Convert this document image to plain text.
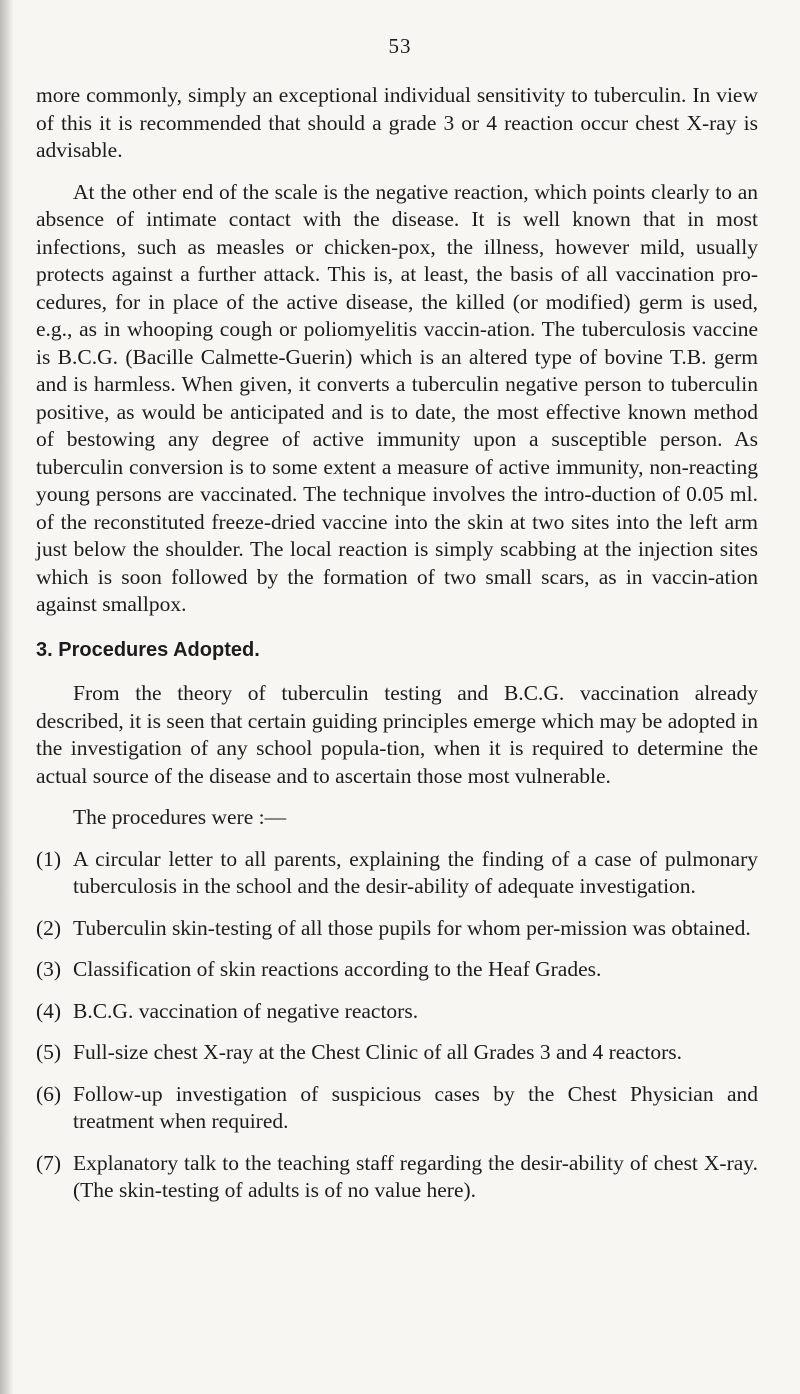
53

more commonly, simply an exceptional individual sensitivity to tuberculin. In view of this it is recommended that should a grade 3 or 4 reaction occur chest X-ray is advisable.

At the other end of the scale is the negative reaction, which points clearly to an absence of intimate contact with the disease. It is well known that in most infections, such as measles or chicken-pox, the illness, however mild, usually protects against a further attack. This is, at least, the basis of all vaccination pro-cedures, for in place of the active disease, the killed (or modified) germ is used, e.g., as in whooping cough or poliomyelitis vaccin-ation. The tuberculosis vaccine is B.C.G. (Bacille Calmette-Guerin) which is an altered type of bovine T.B. germ and is harmless. When given, it converts a tuberculin negative person to tuberculin positive, as would be anticipated and is to date, the most effective known method of bestowing any degree of active immunity upon a susceptible person. As tuberculin conversion is to some extent a measure of active immunity, non-reacting young persons are vaccinated. The technique involves the intro-duction of 0.05 ml. of the reconstituted freeze-dried vaccine into the skin at two sites into the left arm just below the shoulder. The local reaction is simply scabbing at the injection sites which is soon followed by the formation of two small scars, as in vaccin-ation against smallpox.

3. Procedures Adopted.

From the theory of tuberculin testing and B.C.G. vaccination already described, it is seen that certain guiding principles emerge which may be adopted in the investigation of any school popula-tion, when it is required to determine the actual source of the disease and to ascertain those most vulnerable.

The procedures were :—

(1) A circular letter to all parents, explaining the finding of a case of pulmonary tuberculosis in the school and the desir-ability of adequate investigation.
(2) Tuberculin skin-testing of all those pupils for whom per-mission was obtained.
(3) Classification of skin reactions according to the Heaf Grades.
(4) B.C.G. vaccination of negative reactors.
(5) Full-size chest X-ray at the Chest Clinic of all Grades 3 and 4 reactors.
(6) Follow-up investigation of suspicious cases by the Chest Physician and treatment when required.
(7) Explanatory talk to the teaching staff regarding the desir-ability of chest X-ray. (The skin-testing of adults is of no value here).
